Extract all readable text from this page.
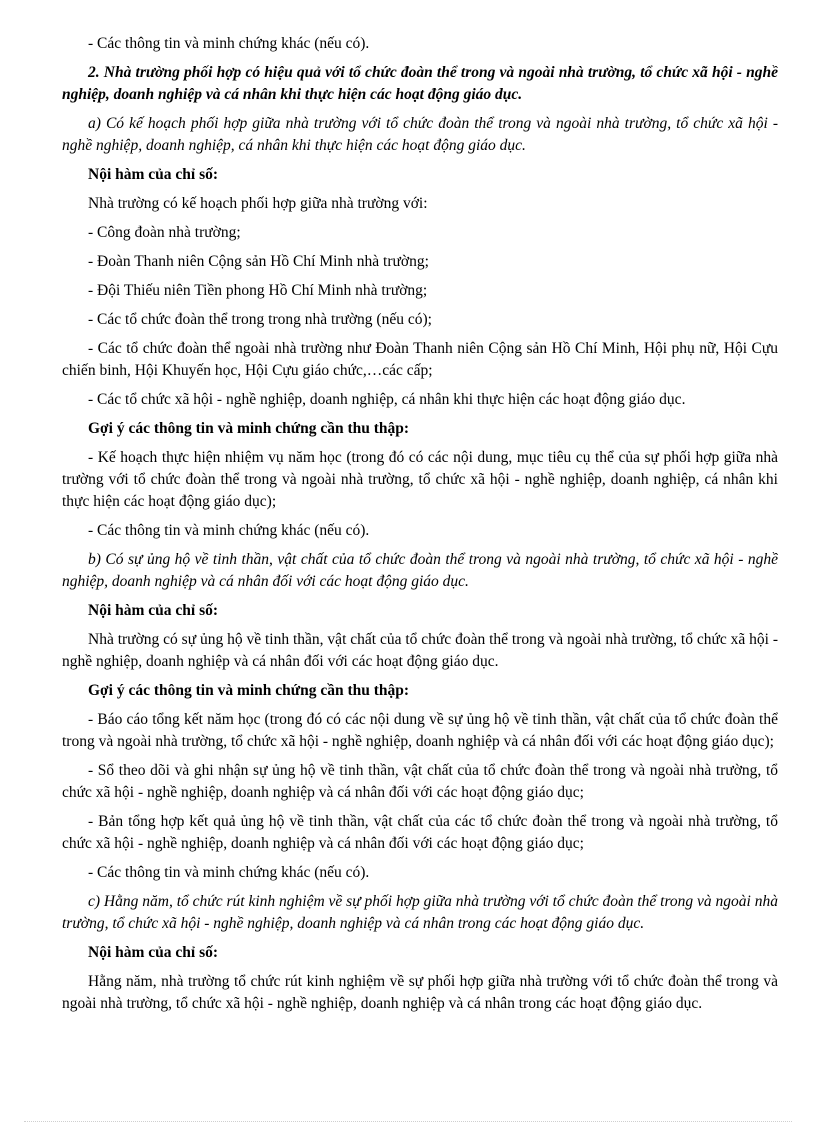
- Các thông tin và minh chứng khác (nếu có).

2. Nhà trường phối hợp có hiệu quả với tổ chức đoàn thể trong và ngoài nhà trường, tổ chức xã hội - nghề nghiệp, doanh nghiệp và cá nhân khi thực hiện các hoạt động giáo dục.

a) Có kế hoạch phối hợp giữa nhà trường với tổ chức đoàn thể trong và ngoài nhà trường, tổ chức xã hội - nghề nghiệp, doanh nghiệp, cá nhân khi thực hiện các hoạt động giáo dục.

Nội hàm của chỉ số:

Nhà trường có kế hoạch phối hợp giữa nhà trường với:

- Công đoàn nhà trường;

- Đoàn Thanh niên Cộng sản Hồ Chí Minh nhà trường;

- Đội Thiếu niên Tiền phong Hồ Chí Minh nhà trường;

- Các tổ chức đoàn thể trong trong nhà trường (nếu có);

- Các tổ chức đoàn thể ngoài nhà trường như Đoàn Thanh niên Cộng sản Hồ Chí Minh, Hội phụ nữ, Hội Cựu chiến binh, Hội Khuyến học, Hội Cựu giáo chức,…các cấp;

- Các tổ chức xã hội - nghề nghiệp, doanh nghiệp, cá nhân khi thực hiện các hoạt động giáo dục.

Gợi ý các thông tin và minh chứng cần thu thập:

- Kế hoạch thực hiện nhiệm vụ năm học (trong đó có các nội dung, mục tiêu cụ thể của sự phối hợp giữa nhà trường với tổ chức đoàn thể trong và ngoài nhà trường, tổ chức xã hội - nghề nghiệp, doanh nghiệp, cá nhân khi thực hiện các hoạt động giáo dục);

- Các thông tin và minh chứng khác (nếu có).

b) Có sự ủng hộ về tinh thần, vật chất của tổ chức đoàn thể trong và ngoài nhà trường, tổ chức xã hội - nghề nghiệp, doanh nghiệp và cá nhân đối với các hoạt động giáo dục.

Nội hàm của chỉ số:

Nhà trường có sự ủng hộ về tinh thần, vật chất của tổ chức đoàn thể trong và ngoài nhà trường, tổ chức xã hội - nghề nghiệp, doanh nghiệp và cá nhân đối với các hoạt động giáo dục.

Gợi ý các thông tin và minh chứng cần thu thập:

- Báo cáo tổng kết năm học (trong đó có các nội dung về sự ủng hộ về tinh thần, vật chất của tổ chức đoàn thể trong và ngoài nhà trường, tổ chức xã hội - nghề nghiệp, doanh nghiệp và cá nhân đối với các hoạt động giáo dục);

- Sổ theo dõi và ghi nhận sự ủng hộ về tinh thần, vật chất của tổ chức đoàn thể trong và ngoài nhà trường, tổ chức xã hội - nghề nghiệp, doanh nghiệp và cá nhân đối với các hoạt động giáo dục;

- Bản tổng hợp kết quả ủng hộ về tinh thần, vật chất của các tổ chức đoàn thể trong và ngoài nhà trường, tổ chức xã hội - nghề nghiệp, doanh nghiệp và cá nhân đối với các hoạt động giáo dục;

- Các thông tin và minh chứng khác (nếu có).

c) Hằng năm, tổ chức rút kinh nghiệm về sự phối hợp giữa nhà trường với tổ chức đoàn thể trong và ngoài nhà trường, tổ chức xã hội - nghề nghiệp, doanh nghiệp và cá nhân trong các hoạt động giáo dục.

Nội hàm của chỉ số:

Hằng năm, nhà trường tổ chức rút kinh nghiệm về sự phối hợp giữa nhà trường với tổ chức đoàn thể trong và ngoài nhà trường, tổ chức xã hội - nghề nghiệp, doanh nghiệp và cá nhân trong các hoạt động giáo dục.
